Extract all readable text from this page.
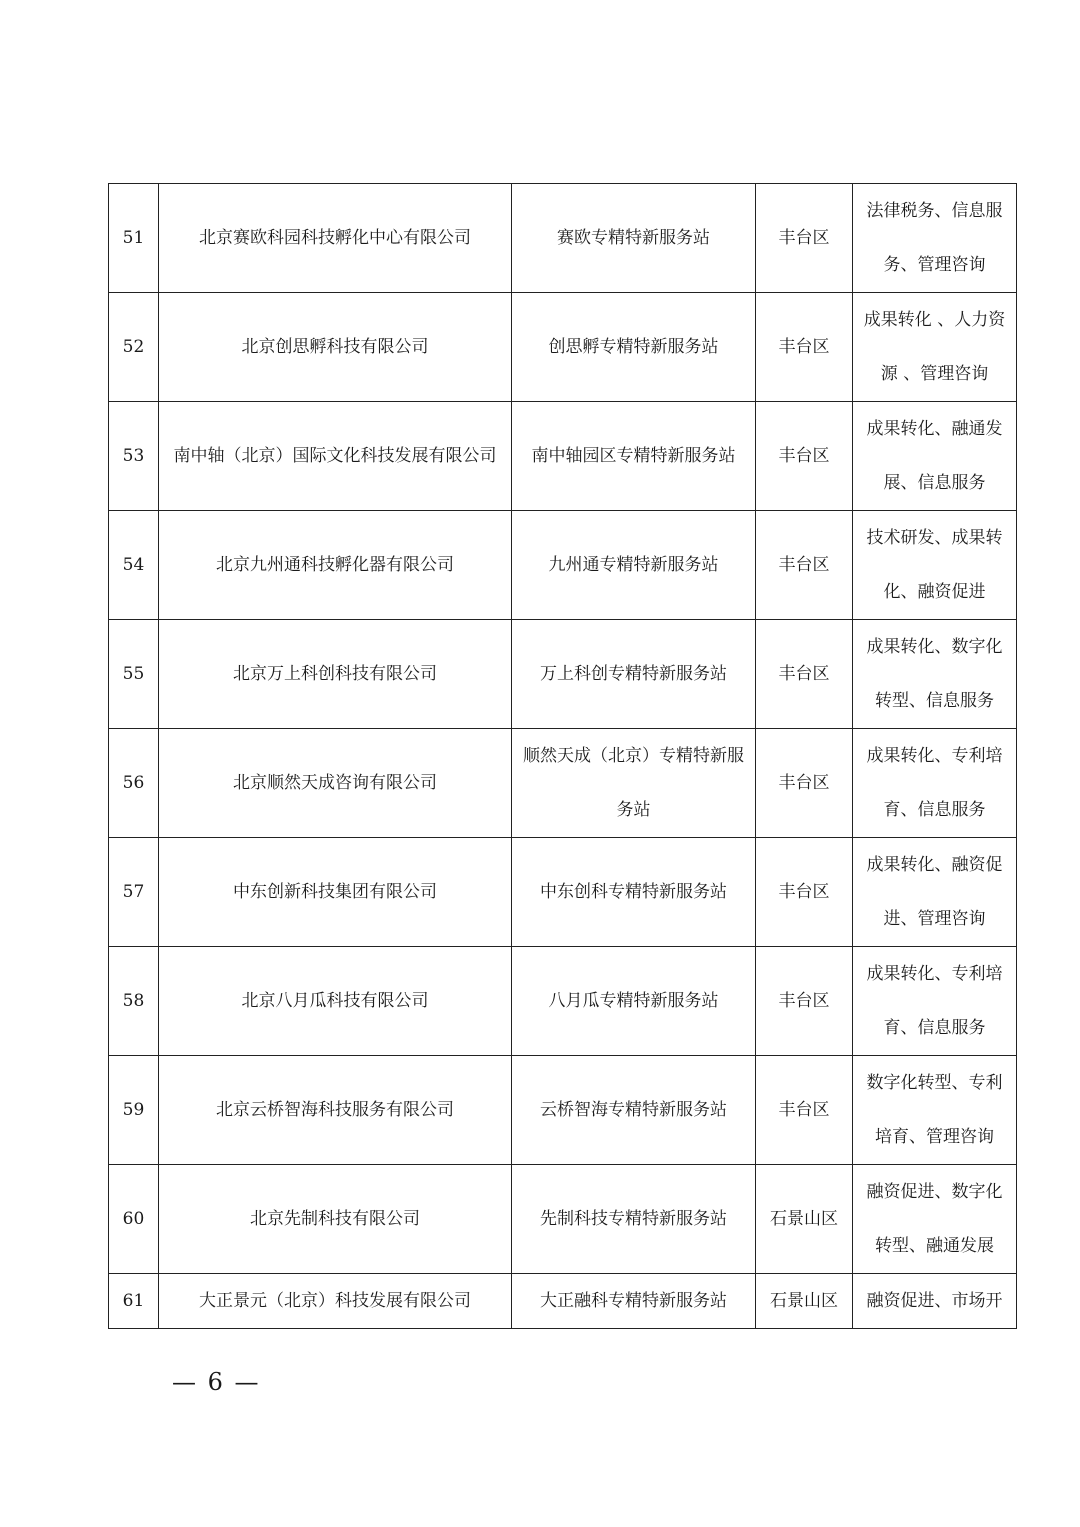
51	北京赛欧科园科技孵化中心有限公司	赛欧专精特新服务站	丰台区	法律税务、信息服务、管理咨询
52	北京创思孵科技有限公司	创思孵专精特新服务站	丰台区	成果转化 、人力资源 、管理咨询
53	南中轴（北京）国际文化科技发展有限公司	南中轴园区专精特新服务站	丰台区	成果转化、融通发展、信息服务
54	北京九州通科技孵化器有限公司	九州通专精特新服务站	丰台区	技术研发、成果转化、融资促进
55	北京万上科创科技有限公司	万上科创专精特新服务站	丰台区	成果转化、数字化转型、信息服务
56	北京顺然天成咨询有限公司	顺然天成（北京）专精特新服务站	丰台区	成果转化、专利培育、信息服务
57	中东创新科技集团有限公司	中东创科专精特新服务站	丰台区	成果转化、融资促进、管理咨询
58	北京八月瓜科技有限公司	八月瓜专精特新服务站	丰台区	成果转化、专利培育、信息服务
59	北京云桥智海科技服务有限公司	云桥智海专精特新服务站	丰台区	数字化转型、专利培育、管理咨询
60	北京先制科技有限公司	先制科技专精特新服务站	石景山区	融资促进、数字化转型、融通发展
61	大正景元（北京）科技发展有限公司	大正融科专精特新服务站	石景山区	融资促进、市场开
— 6 —
